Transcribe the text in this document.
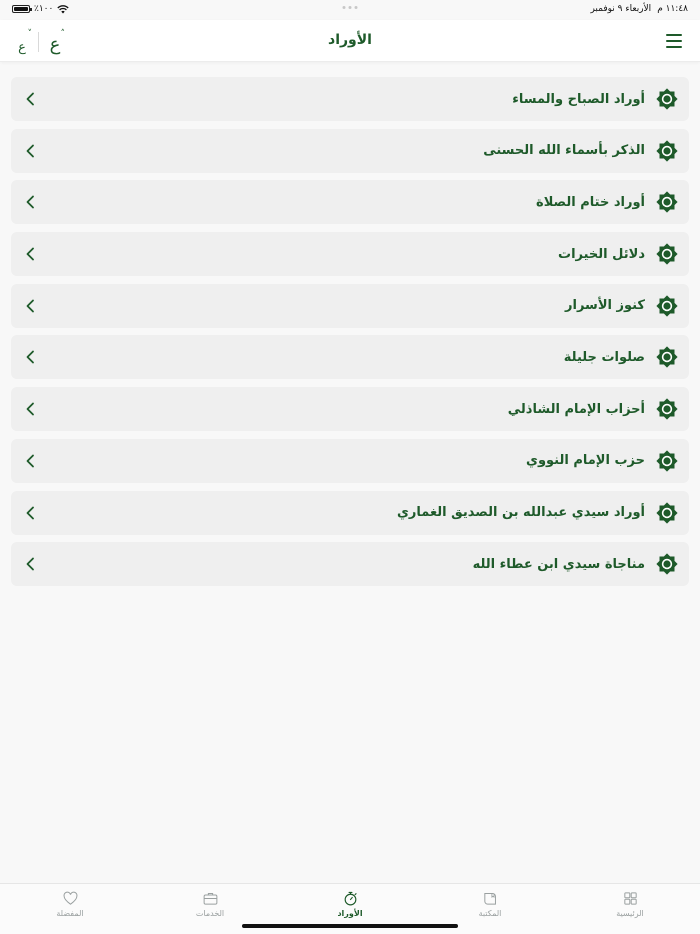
٪١٠٠	١١:٤٨ م
الأربعاء ٩ نوفمبر
ع
˅ ع ˄	الأوراد
أوراد الصباح والمساء
الذكر بأسماء الله الحسنى
أوراد ختام الصلاة
دلائل الخيرات
كنوز الأسرار
صلوات جليلة
أحزاب الإمام الشاذلي
حزب الإمام النووي
أوراد سيدي عبدالله بن الصديق الغماري
مناجاة سيدي ابن عطاء الله
المفضلة	الخدمات	الأوراد	المكتبة	الرئيسية
